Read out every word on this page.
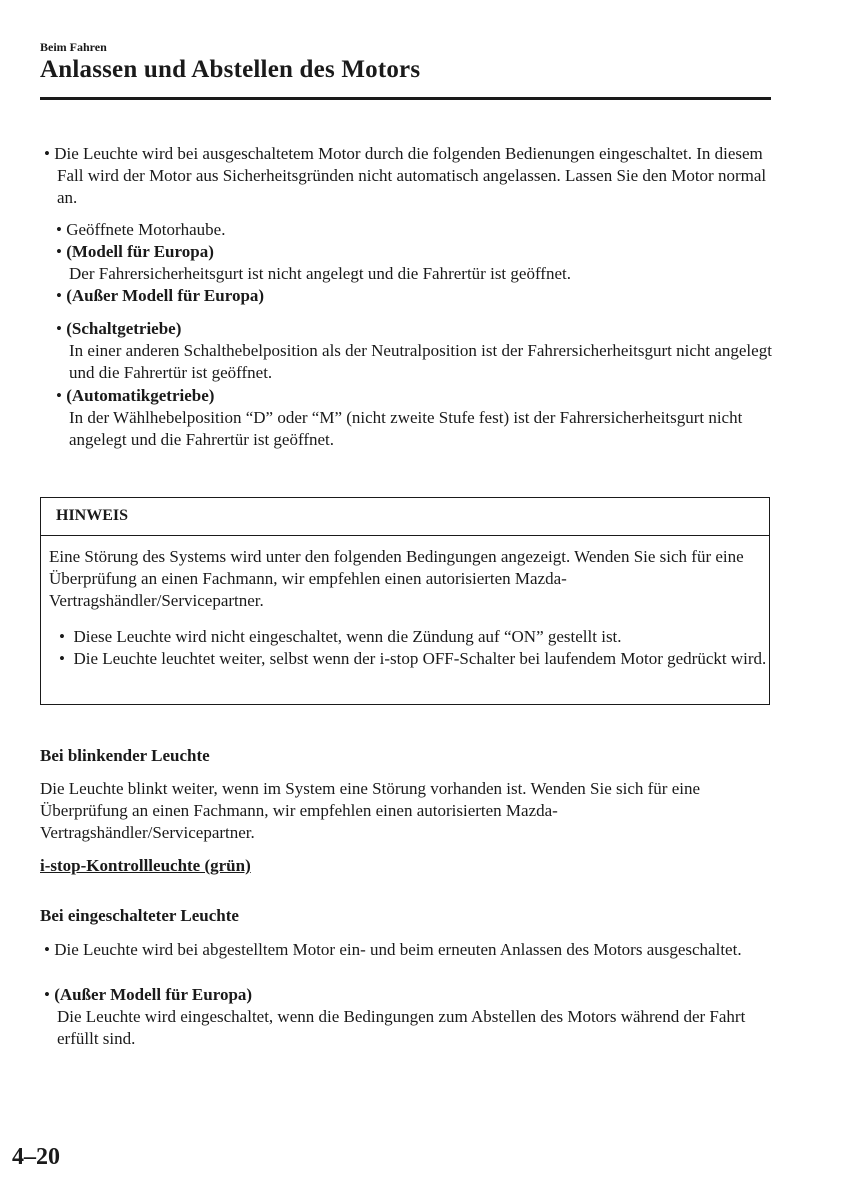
Beim Fahren
Anlassen und Abstellen des Motors
• Die Leuchte wird bei ausgeschaltetem Motor durch die folgenden Bedienungen eingeschaltet. In diesem Fall wird der Motor aus Sicherheitsgründen nicht automatisch angelassen. Lassen Sie den Motor normal an.
• Geöffnete Motorhaube.
• (Modell für Europa)
Der Fahrersicherheitsgurt ist nicht angelegt und die Fahrertür ist geöffnet.
• (Außer Modell für Europa)
• (Schaltgetriebe)
In einer anderen Schalthebelposition als der Neutralposition ist der Fahrersicherheitsgurt nicht angelegt und die Fahrertür ist geöffnet.
• (Automatikgetriebe)
In der Wählhebelposition “D” oder “M” (nicht zweite Stufe fest) ist der Fahrersicherheitsgurt nicht angelegt und die Fahrertür ist geöffnet.
HINWEIS
Eine Störung des Systems wird unter den folgenden Bedingungen angezeigt. Wenden Sie sich für eine Überprüfung an einen Fachmann, wir empfehlen einen autorisierten Mazda-Vertragshändler/Servicepartner.
• Diese Leuchte wird nicht eingeschaltet, wenn die Zündung auf “ON” gestellt ist.
• Die Leuchte leuchtet weiter, selbst wenn der i-stop OFF-Schalter bei laufendem Motor gedrückt wird.
Bei blinkender Leuchte
Die Leuchte blinkt weiter, wenn im System eine Störung vorhanden ist. Wenden Sie sich für eine Überprüfung an einen Fachmann, wir empfehlen einen autorisierten Mazda-Vertragshändler/Servicepartner.
i-stop-Kontrollleuchte (grün)
Bei eingeschalteter Leuchte
• Die Leuchte wird bei abgestelltem Motor ein- und beim erneuten Anlassen des Motors ausgeschaltet.
• (Außer Modell für Europa)
Die Leuchte wird eingeschaltet, wenn die Bedingungen zum Abstellen des Motors während der Fahrt erfüllt sind.
4–20
